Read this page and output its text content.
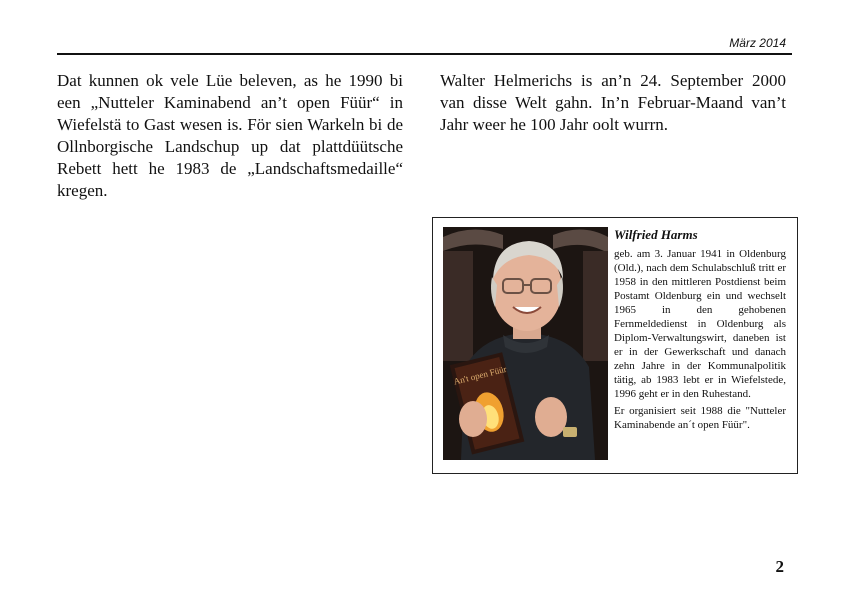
März 2014
Dat kunnen ok vele Lüe beleven, as he 1990 bi een „Nutteler Kaminabend an’t open Füür“ in Wiefelstä to Gast wesen is. För sien Warkeln bi de Ollnborgische Landschup up dat plattdüütsche Rebett hett he 1983 de „Landschaftsmedaille“ kregen.
Walter Helmerichs is an’n 24. September 2000 van disse Welt gahn. In’n Februar-Maand van’t Jahr weer he 100 Jahr oolt wurrn.
An't open Füür
Wilfried Harms

geb. am 3. Januar 1941 in Oldenburg (Old.), nach dem Schulabschluß tritt er 1958 in den mittleren Postdienst beim Postamt Oldenburg ein und wechselt 1965 in den gehobenen Fernmeldedienst in Oldenburg als Diplom-Verwaltungswirt, daneben ist er in der Gewerkschaft und danach zehn Jahre in der Kommunalpolitik tätig, ab 1983 lebt er in Wiefelstede, 1996 geht er in den Ruhestand.

Er organisiert seit 1988 die "Nutteler Kaminabende an´t open Füür".

2
